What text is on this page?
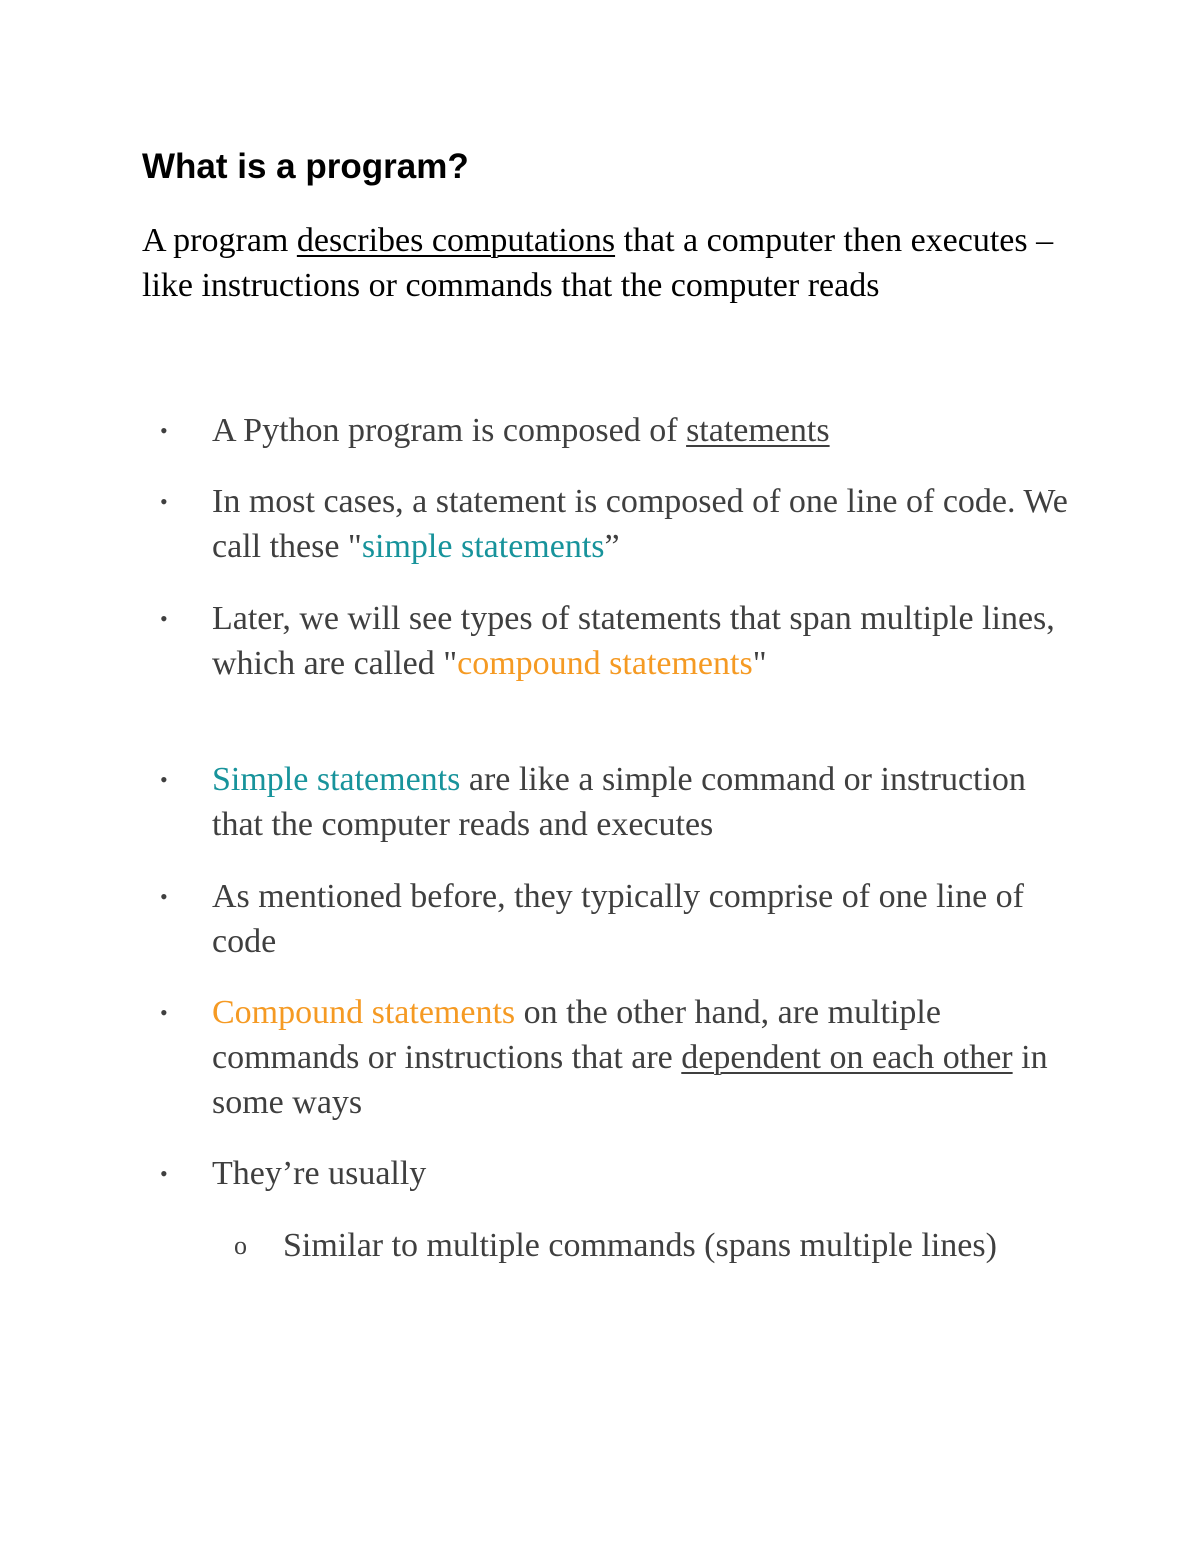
What is a program?

A program describes computations that a computer then executes – like instructions or commands that the computer reads

• A Python program is composed of statements
• In most cases, a statement is composed of one line of code. We call these "simple statements”
• Later, we will see types of statements that span multiple lines, which are called "compound statements"
• Simple statements are like a simple command or instruction that the computer reads and executes
• As mentioned before, they typically comprise of one line of code
• Compound statements on the other hand, are multiple commands or instructions that are dependent on each other in some ways
• They’re usually
o Similar to multiple commands (spans multiple lines)
